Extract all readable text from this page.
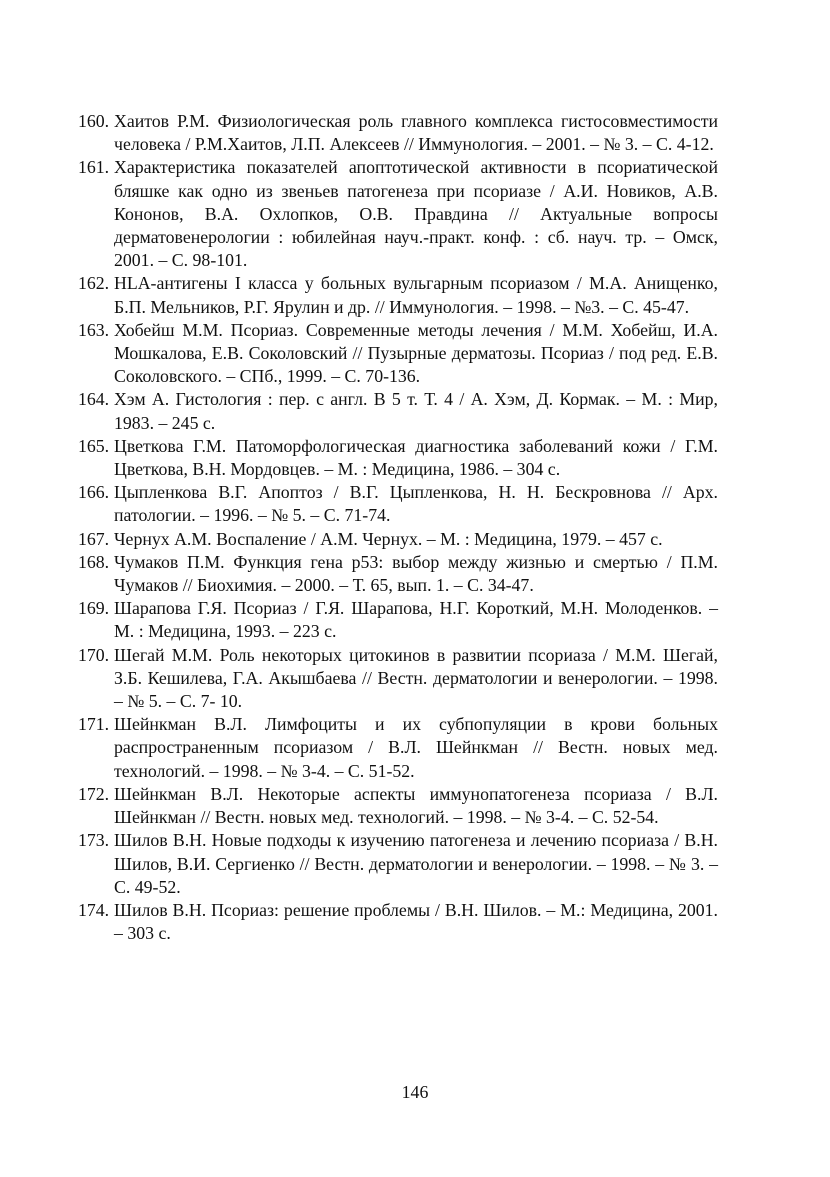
160. Хаитов Р.М. Физиологическая роль главного комплекса гистосовместимости человека / Р.М.Хаитов, Л.П. Алексеев // Иммунология. – 2001. – № 3. – С. 4-12.
161. Характеристика показателей апоптотической активности в псориатической бляшке как одно из звеньев патогенеза при псориазе / А.И. Новиков, А.В. Кононов, В.А. Охлопков, О.В. Правдина // Актуальные вопросы дерматовенерологии : юбилейная науч.-практ. конф. : сб. науч. тр. – Омск, 2001. – С. 98-101.
162. HLA-антигены I класса у больных вульгарным псориазом / М.А. Анищенко, Б.П. Мельников, Р.Г. Ярулин и др. // Иммунология. – 1998. – №3. – С. 45-47.
163. Хобейш М.М. Псориаз. Современные методы лечения / М.М. Хобейш, И.А. Мошкалова, Е.В. Соколовский // Пузырные дерматозы. Псориаз / под ред. Е.В. Соколовского. – СПб., 1999. – С. 70-136.
164. Хэм А. Гистология : пер. с англ. В 5 т. Т. 4 / А. Хэм, Д. Кормак. – М. : Мир, 1983. – 245 с.
165. Цветкова Г.М. Патоморфологическая диагностика заболеваний кожи / Г.М. Цветкова, В.Н. Мордовцев. – М. : Медицина, 1986. – 304 с.
166. Цыпленкова В.Г. Апоптоз / В.Г. Цыпленкова, Н. Н. Бескровнова // Арх. патологии. – 1996. – № 5. – С. 71-74.
167. Чернух А.М. Воспаление / А.М. Чернух. – М. : Медицина, 1979. – 457 с.
168. Чумаков П.М. Функция гена p53: выбор между жизнью и смертью / П.М. Чумаков // Биохимия. – 2000. – Т. 65, вып. 1. – С. 34-47.
169. Шарапова Г.Я. Псориаз / Г.Я. Шарапова, Н.Г. Короткий, М.Н. Молоденков. – М. : Медицина, 1993. – 223 с.
170. Шегай М.М. Роль некоторых цитокинов в развитии псориаза / М.М. Шегай, З.Б. Кешилева, Г.А. Акышбаева // Вестн. дерматологии и венерологии. – 1998. – № 5. – С. 7- 10.
171. Шейнкман В.Л. Лимфоциты и их субпопуляции в крови больных распространенным псориазом / В.Л. Шейнкман // Вестн. новых мед. технологий. – 1998. – № 3-4. – С. 51-52.
172. Шейнкман В.Л. Некоторые аспекты иммунопатогенеза псориаза / В.Л. Шейнкман // Вестн. новых мед. технологий. – 1998. – № 3-4. – С. 52-54.
173. Шилов В.Н. Новые подходы к изучению патогенеза и лечению псориаза / В.Н. Шилов, В.И. Сергиенко // Вестн. дерматологии и венерологии. – 1998. – № 3. – С. 49-52.
174. Шилов В.Н. Псориаз: решение проблемы / В.Н. Шилов. – М.: Медицина, 2001. – 303 с.
146
